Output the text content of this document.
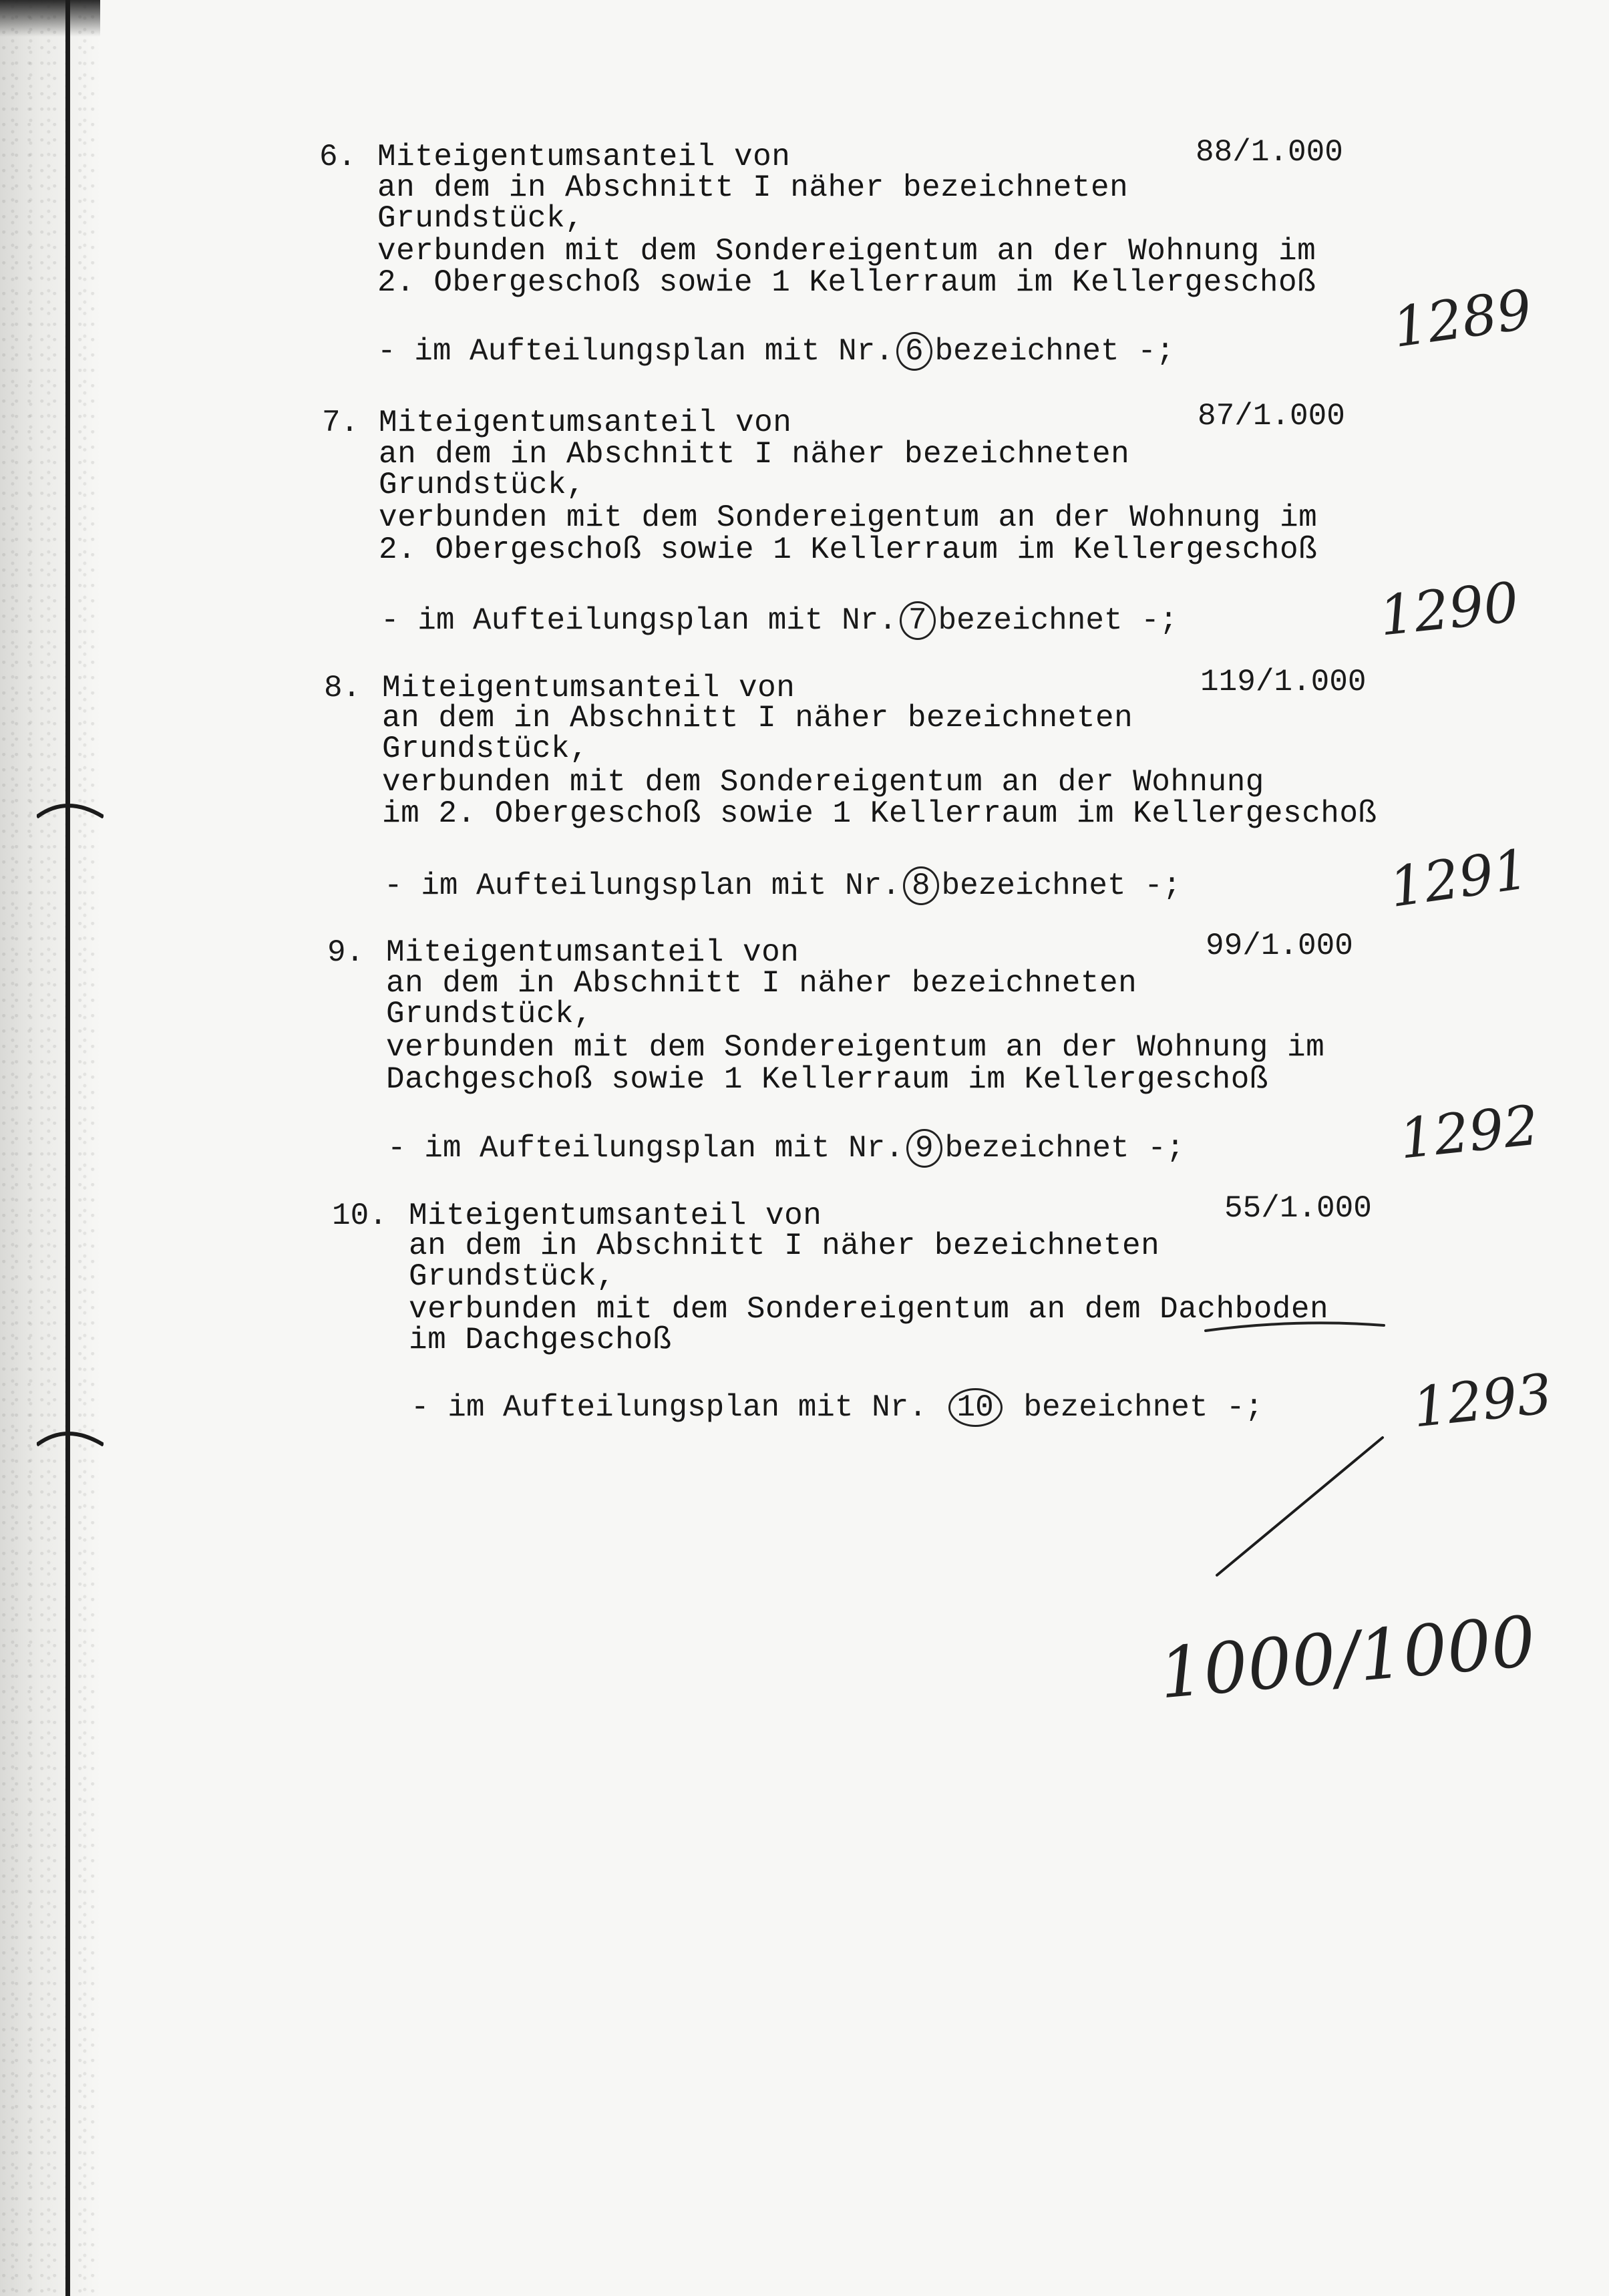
6. Miteigentumsanteil von	88/1.000
an dem in Abschnitt I näher bezeichneten
Grundstück,
verbunden mit dem Sondereigentum an der Wohnung im
2. Obergeschoß sowie 1 Kellerraum im Kellergeschoß
- im Aufteilungsplan mit Nr. 6 bezeichnet -;	1289
7. Miteigentumsanteil von	87/1.000
an dem in Abschnitt I näher bezeichneten
Grundstück,
verbunden mit dem Sondereigentum an der Wohnung im
2. Obergeschoß sowie 1 Kellerraum im Kellergeschoß
- im Aufteilungsplan mit Nr. 7 bezeichnet -;	1290
8. Miteigentumsanteil von	119/1.000
an dem in Abschnitt I näher bezeichneten
Grundstück,
verbunden mit dem Sondereigentum an der Wohnung
im 2. Obergeschoß sowie 1 Kellerraum im Kellergeschoß
- im Aufteilungsplan mit Nr. 8 bezeichnet -;	1291
9. Miteigentumsanteil von	99/1.000
an dem in Abschnitt I näher bezeichneten
Grundstück,
verbunden mit dem Sondereigentum an der Wohnung im
Dachgeschoß sowie 1 Kellerraum im Kellergeschoß
- im Aufteilungsplan mit Nr. 9 bezeichnet -;	1292
10. Miteigentumsanteil von	55/1.000
an dem in Abschnitt I näher bezeichneten
Grundstück,
verbunden mit dem Sondereigentum an dem Dachboden
im Dachgeschoß
- im Aufteilungsplan mit Nr. 10 bezeichnet -;	1293
1000/1000
